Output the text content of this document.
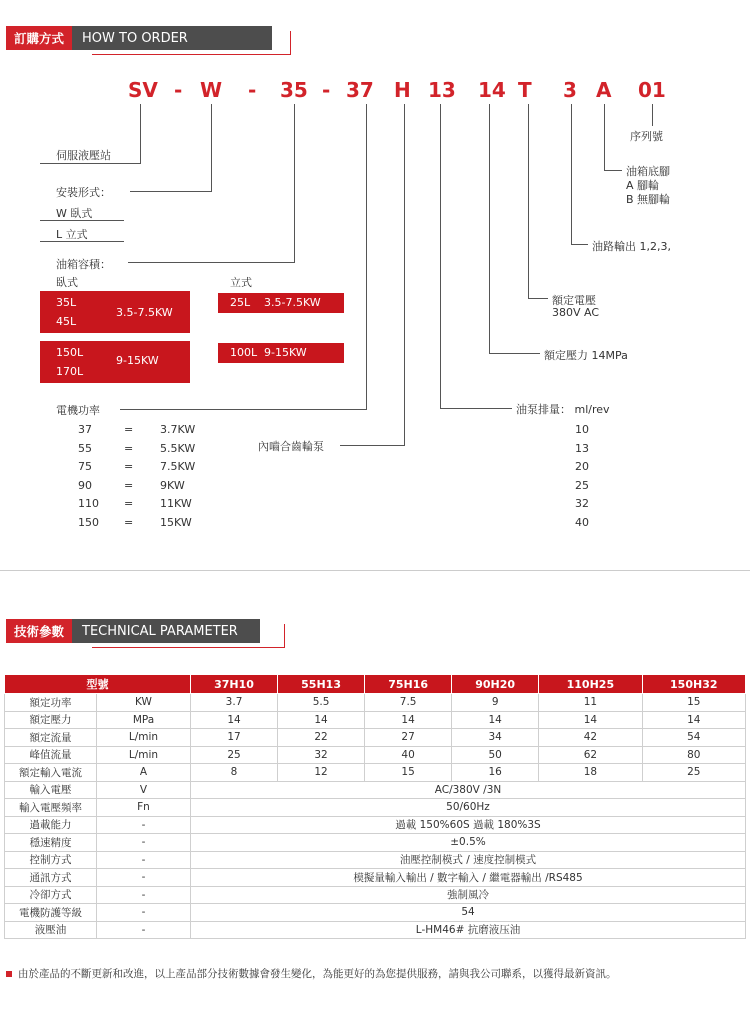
訂購方式	HOW TO ORDER
SV - W - 35 - 37 H 13 14 T 3 A 01
伺服液壓站
安裝形式：
W 臥式
L 立式
油箱容積：
臥式	立式
35L
45L
3.5-7.5KW
150L
170L
9-15KW
25L 3.5-7.5KW
100L 9-15KW
電機功率
37	= 3.7KW
55	= 5.5KW
75	= 7.5KW
90	= 9KW
110 = 11KW
150 = 15KW
內嚙合齒輪泵
序列號
油箱底腳
A 腳輪
B 無腳輪
油路輸出 1,2,3,
額定電壓
380V AC
額定壓力 14MPa
油泵排量： ml/rev
10
13
20
25
32
40
技術參數	TECHNICAL PARAMETER
型號		37H10	55H13	75H16	90H20	110H25	150H32
額定功率	KW	3.7	5.5	7.5	9	11	15
額定壓力	MPa	14	14	14	14	14	14
額定流量	L/min	17	22	27	34	42	54
峰值流量	L/min	25	32	40	50	62	80
額定輸入電流	A	8	12	15	16	18	25
輸入電壓	V	AC/380V /3N					
輸入電壓頻率	Fn	50/60Hz					
過載能力	-	過載 150%60S 過載 180%3S					
穩速精度	-	±0.5%					
控制方式	-	油壓控制模式 / 速度控制模式					
通訊方式	-	模擬量輸入輸出 / 數字輸入 / 繼電器輸出 /RS485					
冷卻方式	-	強制風冷					
電機防護等級	-	54					
液壓油	-	L-HM46# 抗磨液压油					
由於產品的不斷更新和改進，以上產品部分技術數據會發生變化，為能更好的為您提供服務，請與我公司聯系，以獲得最新資訊。
